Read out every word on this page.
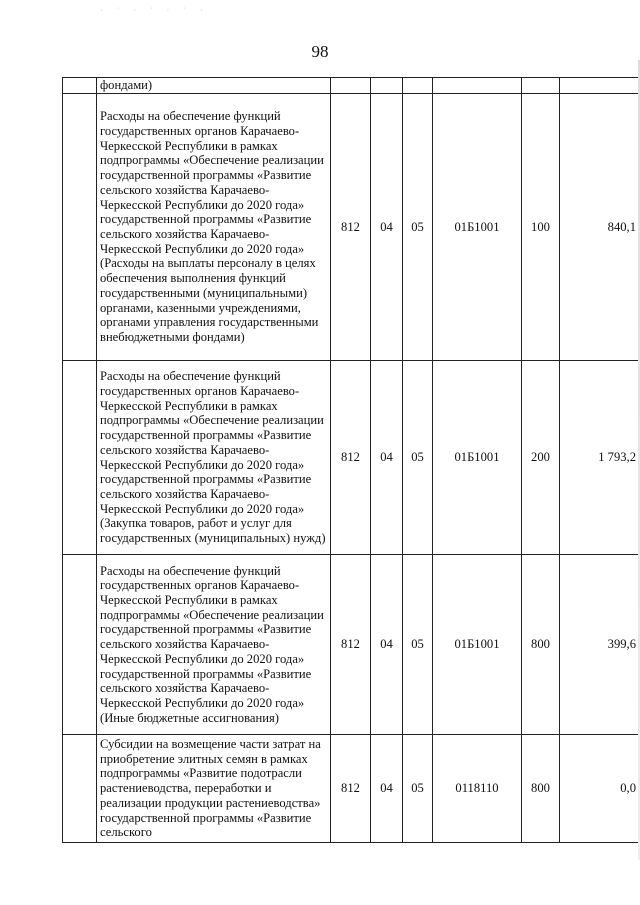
· ˙ · ˙ · ˙ ·
98
	фондами)						
	Расходы на обеспечение функций государственных органов Карачаево-Черкесской Республики в рамках подпрограммы «Обеспечение реализации государственной программы «Развитие сельского хозяйства Карачаево-Черкесской Республики до 2020 года» государственной программы «Развитие сельского хозяйства Карачаево-Черкесской Республики до 2020 года» (Расходы на выплаты персоналу в целях обеспечения выполнения функций государственными (муниципальными) органами, казенными учреждениями, органами управления государственными внебюджетными фондами)	812	04	05	01Б1001	100	840,1
	Расходы на обеспечение функций государственных органов Карачаево-Черкесской Республики в рамках подпрограммы «Обеспечение реализации государственной программы «Развитие сельского хозяйства Карачаево-Черкесской Республики до 2020 года» государственной программы «Развитие сельского хозяйства Карачаево-Черкесской Республики до 2020 года» (Закупка товаров, работ и услуг для государственных (муниципальных) нужд)	812	04	05	01Б1001	200	1 793,2
	Расходы на обеспечение функций государственных органов Карачаево-Черкесской Республики в рамках подпрограммы «Обеспечение реализации государственной программы «Развитие сельского хозяйства Карачаево-Черкесской Республики до 2020 года» государственной программы «Развитие сельского хозяйства Карачаево-Черкесской Республики до 2020 года» (Иные бюджетные ассигнования)	812	04	05	01Б1001	800	399,6
	Субсидии на возмещение части затрат на приобретение элитных семян в рамках подпрограммы «Развитие подотрасли растениеводства, переработки и реализации продукции растениеводства» государственной программы «Развитие сельского	812	04	05	0118110	800	0,0
